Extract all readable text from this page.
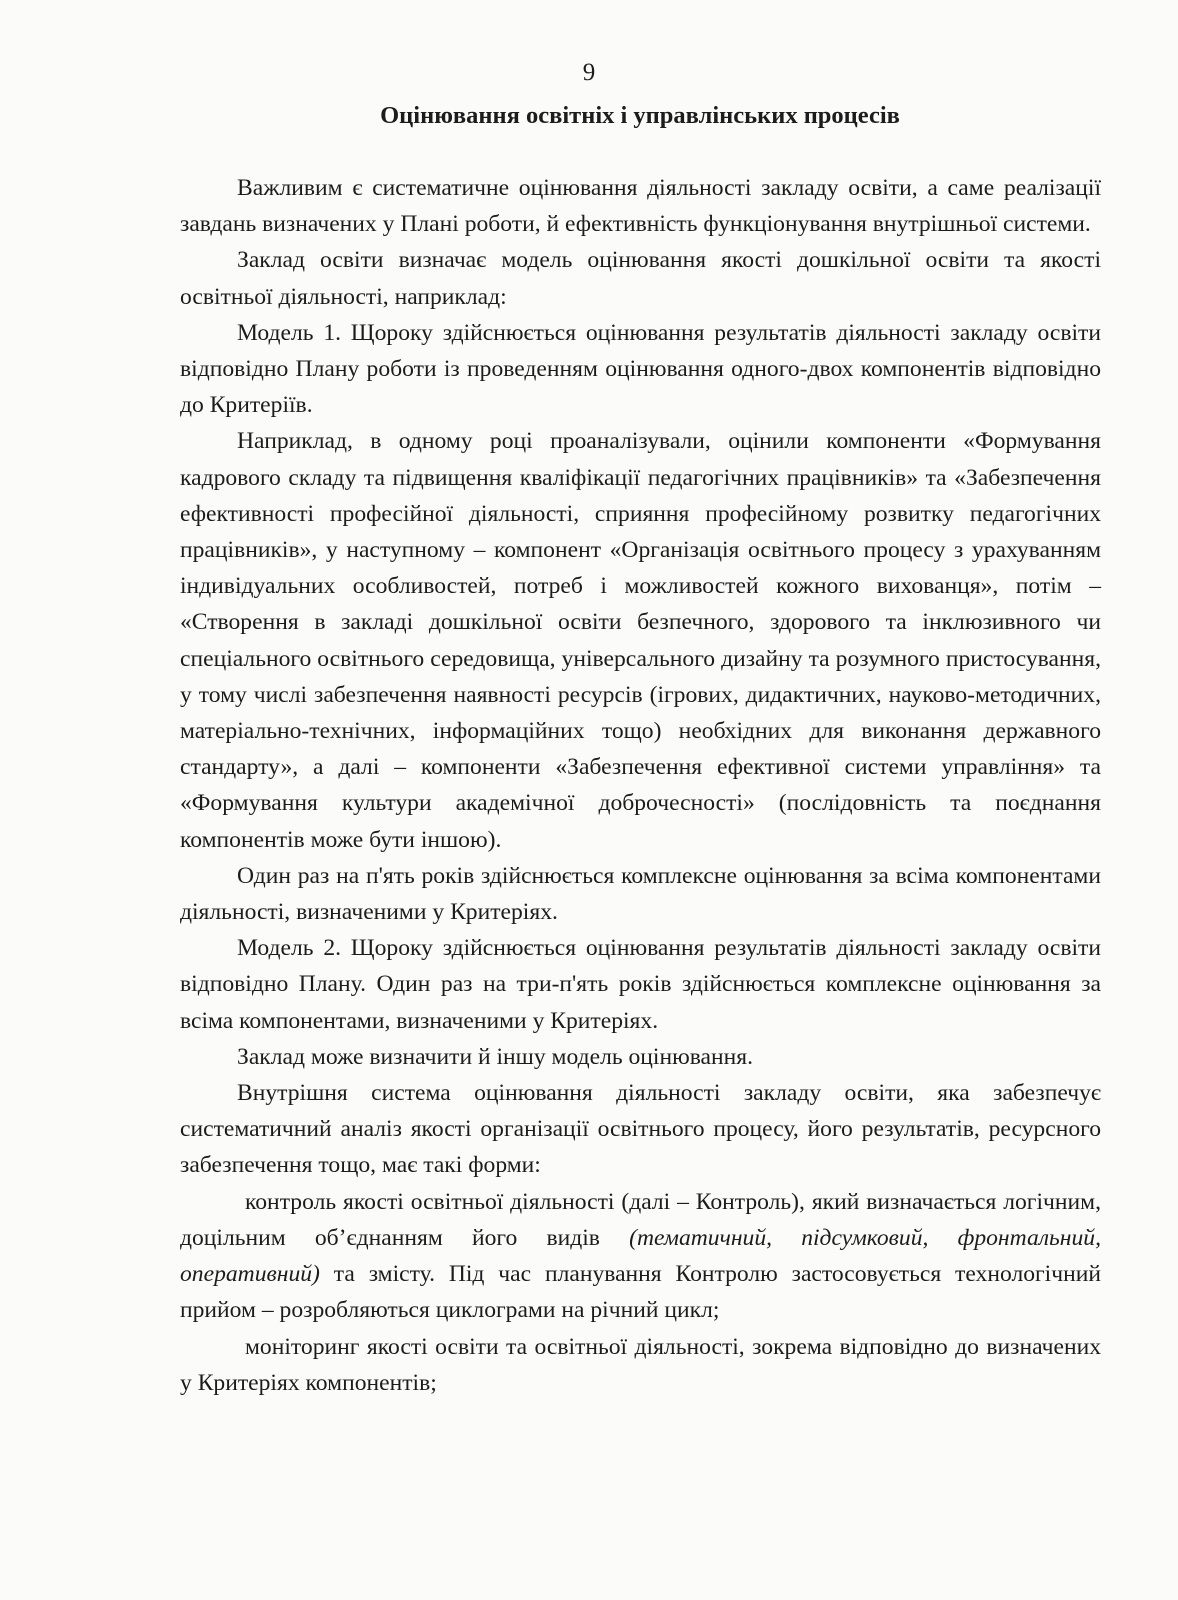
9
Оцінювання освітніх і управлінських процесів

Важливим є систематичне оцінювання діяльності закладу освіти, а саме реалізації завдань визначених у Плані роботи, й ефективність функціонування внутрішньої системи.

Заклад освіти визначає модель оцінювання якості дошкільної освіти та якості освітньої діяльності, наприклад:

Модель 1. Щороку здійснюється оцінювання результатів діяльності закладу освіти відповідно Плану роботи із проведенням оцінювання одного-двох компонентів відповідно до Критеріїв.

Наприклад, в одному році проаналізували, оцінили компоненти «Формування кадрового складу та підвищення кваліфікації педагогічних працівників» та «Забезпечення ефективності професійної діяльності, сприяння професійному розвитку педагогічних працівників», у наступному – компонент «Організація освітнього процесу з урахуванням індивідуальних особливостей, потреб і можливостей кожного вихованця», потім – «Створення в закладі дошкільної освіти безпечного, здорового та інклюзивного чи спеціального освітнього середовища, універсального дизайну та розумного пристосування, у тому числі забезпечення наявності ресурсів (ігрових, дидактичних, науково-методичних, матеріально-технічних, інформаційних тощо) необхідних для виконання державного стандарту», а далі – компоненти «Забезпечення ефективної системи управління» та «Формування культури академічної доброчесності» (послідовність та поєднання компонентів може бути іншою).

Один раз на п'ять років здійснюється комплексне оцінювання за всіма компонентами діяльності, визначеними у Критеріях.

Модель 2. Щороку здійснюється оцінювання результатів діяльності закладу освіти відповідно Плану. Один раз на три-п'ять років здійснюється комплексне оцінювання за всіма компонентами, визначеними у Критеріях.

Заклад може визначити й іншу модель оцінювання.

Внутрішня система оцінювання діяльності закладу освіти, яка забезпечує систематичний аналіз якості організації освітнього процесу, його результатів, ресурсного забезпечення тощо, має такі форми:

контроль якості освітньої діяльності (далі – Контроль), який визначається логічним, доцільним об’єднанням його видів (тематичний, підсумковий, фронтальний, оперативний) та змісту. Під час планування Контролю застосовується технологічний прийом – розробляються циклограми на річний цикл;

моніторинг якості освіти та освітньої діяльності, зокрема відповідно до визначених у Критеріях компонентів;
